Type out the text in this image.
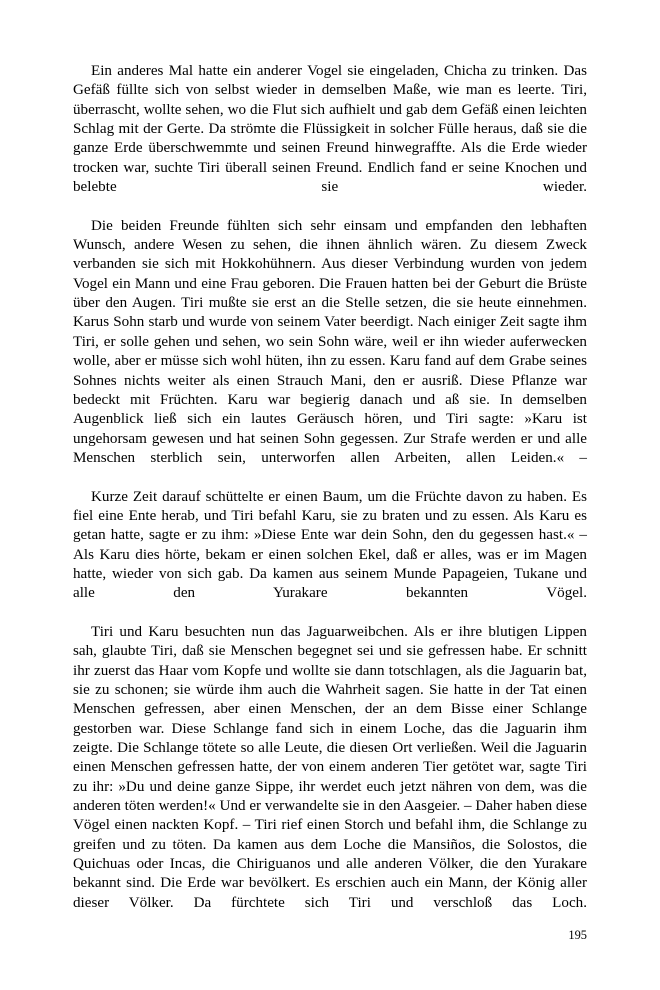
Ein anderes Mal hatte ein anderer Vogel sie eingeladen, Chicha zu trinken. Das Gefäß füllte sich von selbst wieder in demselben Maße, wie man es leerte. Tiri, überrascht, wollte sehen, wo die Flut sich aufhielt und gab dem Gefäß einen leichten Schlag mit der Gerte. Da strömte die Flüssigkeit in solcher Fülle heraus, daß sie die ganze Erde überschwemmte und seinen Freund hinwegraffte. Als die Erde wieder trocken war, suchte Tiri überall seinen Freund. Endlich fand er seine Knochen und belebte sie wieder.

Die beiden Freunde fühlten sich sehr einsam und empfanden den lebhaften Wunsch, andere Wesen zu sehen, die ihnen ähnlich wären. Zu diesem Zweck verbanden sie sich mit Hokkohühnern. Aus dieser Verbindung wurden von jedem Vogel ein Mann und eine Frau geboren. Die Frauen hatten bei der Geburt die Brüste über den Augen. Tiri mußte sie erst an die Stelle setzen, die sie heute einnehmen. Karus Sohn starb und wurde von seinem Vater beerdigt. Nach einiger Zeit sagte ihm Tiri, er solle gehen und sehen, wo sein Sohn wäre, weil er ihn wieder auferwecken wolle, aber er müsse sich wohl hüten, ihn zu essen. Karu fand auf dem Grabe seines Sohnes nichts weiter als einen Strauch Mani, den er ausriß. Diese Pflanze war bedeckt mit Früchten. Karu war begierig danach und aß sie. In demselben Augenblick ließ sich ein lautes Geräusch hören, und Tiri sagte: »Karu ist ungehorsam gewesen und hat seinen Sohn gegessen. Zur Strafe werden er und alle Menschen sterblich sein, unterworfen allen Arbeiten, allen Leiden.« –

Kurze Zeit darauf schüttelte er einen Baum, um die Früchte davon zu haben. Es fiel eine Ente herab, und Tiri befahl Karu, sie zu braten und zu essen. Als Karu es getan hatte, sagte er zu ihm: »Diese Ente war dein Sohn, den du gegessen hast.« – Als Karu dies hörte, bekam er einen solchen Ekel, daß er alles, was er im Magen hatte, wieder von sich gab. Da kamen aus seinem Munde Papageien, Tukane und alle den Yurakare bekannten Vögel.

Tiri und Karu besuchten nun das Jaguarweibchen. Als er ihre blutigen Lippen sah, glaubte Tiri, daß sie Menschen begegnet sei und sie gefressen habe. Er schnitt ihr zuerst das Haar vom Kopfe und wollte sie dann totschlagen, als die Jaguarin bat, sie zu schonen; sie würde ihm auch die Wahrheit sagen. Sie hatte in der Tat einen Menschen gefressen, aber einen Menschen, der an dem Bisse einer Schlange gestorben war. Diese Schlange fand sich in einem Loche, das die Jaguarin ihm zeigte. Die Schlange tötete so alle Leute, die diesen Ort verließen. Weil die Jaguarin einen Menschen gefressen hatte, der von einem anderen Tier getötet war, sagte Tiri zu ihr: »Du und deine ganze Sippe, ihr werdet euch jetzt nähren von dem, was die anderen töten werden!« Und er verwandelte sie in den Aasgeier. – Daher haben diese Vögel einen nackten Kopf. – Tiri rief einen Storch und befahl ihm, die Schlange zu greifen und zu töten. Da kamen aus dem Loche die Mansiños, die Solostos, die Quichuas oder Incas, die Chiriguanos und alle anderen Völker, die den Yurakare bekannt sind. Die Erde war bevölkert. Es erschien auch ein Mann, der König aller dieser Völker. Da fürchtete sich Tiri und verschloß das Loch.

195
